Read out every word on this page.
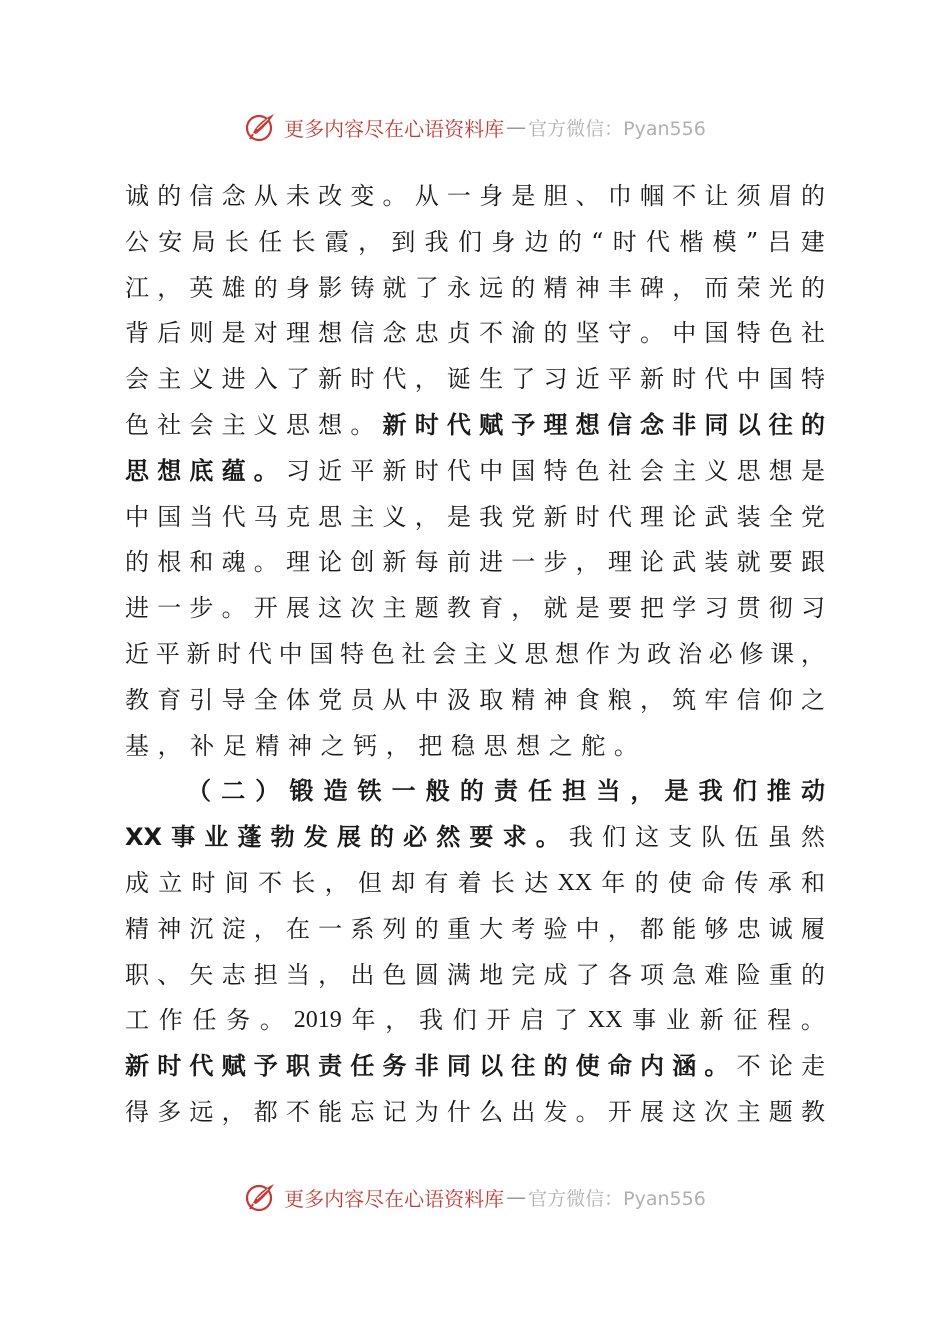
更多内容尽在心语资料库 — 官方微信：Pyan556
诚 的 信 念 从 未 改 变 。 从 一 身 是 胆 、 巾 帼 不 让 须 眉 的
公 安 局 长 任 长 霞 ， 到 我 们 身 边 的 “ 时 代 楷 模 ” 吕 建
江 ， 英 雄 的 身 影 铸 就 了 永 远 的 精 神 丰 碑 ， 而 荣 光 的
背 后 则 是 对 理 想 信 念 忠 贞 不 渝 的 坚 守 。 中 国 特 色 社
会 主 义 进 入 了 新 时 代 ， 诞 生 了 习 近 平 新 时 代 中 国 特
色 社 会 主 义 思 想 。 新 时 代 赋 予 理 想 信 念 非 同 以 往 的
思 想 底 蕴 。 习 近 平 新 时 代 中 国 特 色 社 会 主 义 思 想 是
中 国 当 代 马 克 思 主 义 ， 是 我 党 新 时 代 理 论 武 装 全 党
的 根 和 魂 。 理 论 创 新 每 前 进 一 步 ， 理 论 武 装 就 要 跟
进 一 步 。 开 展 这 次 主 题 教 育 ， 就 是 要 把 学 习 贯 彻 习
近 平 新 时 代 中 国 特 色 社 会 主 义 思 想 作 为 政 治 必 修 课 ，
教 育 引 导 全 体 党 员 从 中 汲 取 精 神 食 粮 ， 筑 牢 信 仰 之
基 ， 补 足 精 神 之 钙 ， 把 稳 思 想 之 舵 。
（ 二 ） 锻 造 铁 一 般 的 责 任 担 当 ， 是 我 们 推 动
XX 事 业 蓬 勃 发 展 的 必 然 要 求 。 我 们 这 支 队 伍 虽 然
成 立 时 间 不 长 ， 但 却 有 着 长 达 XX 年 的 使 命 传 承 和
精 神 沉 淀 ， 在 一 系 列 的 重 大 考 验 中 ， 都 能 够 忠 诚 履
职 、 矢 志 担 当 ， 出 色 圆 满 地 完 成 了 各 项 急 难 险 重 的
工 作 任 务 。 2019 年 ， 我 们 开 启 了 XX 事 业 新 征 程 。
新 时 代 赋 予 职 责 任 务 非 同 以 往 的 使 命 内 涵 。 不 论 走
得 多 远 ， 都 不 能 忘 记 为 什 么 出 发 。 开 展 这 次 主 题 教
更多内容尽在心语资料库 — 官方微信：Pyan556
